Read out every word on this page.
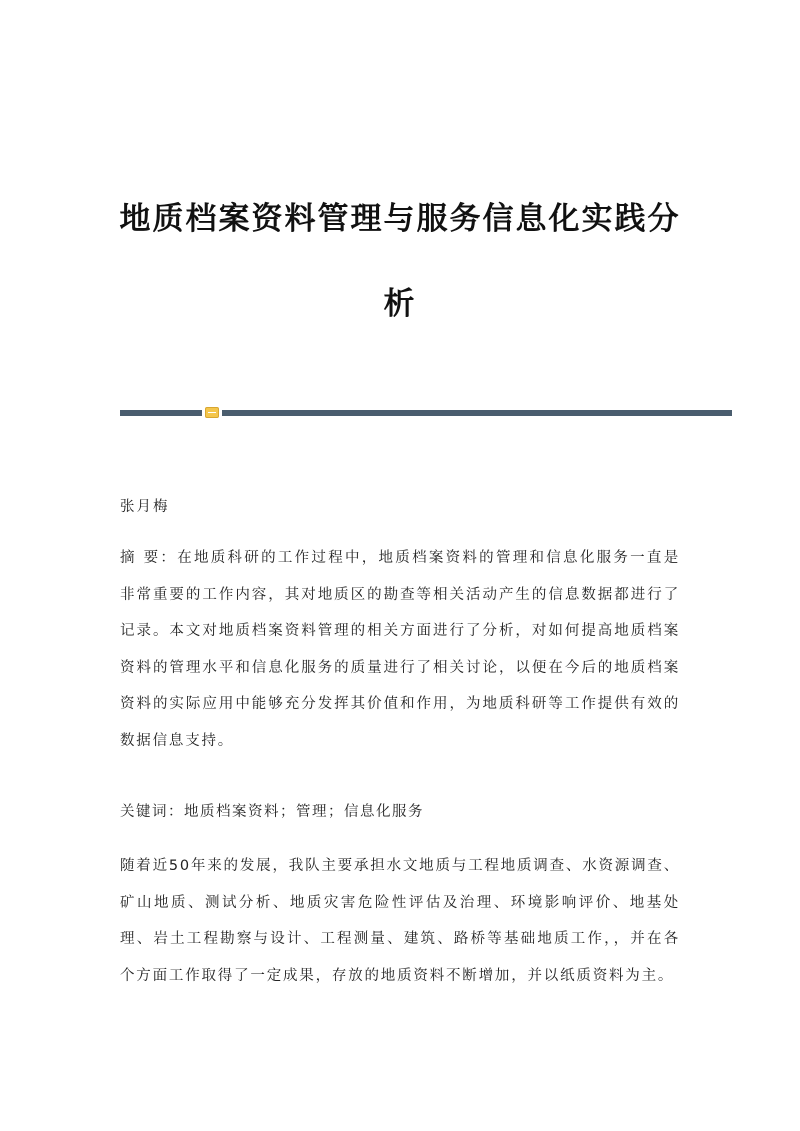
地质档案资料管理与服务信息化实践分
析

张月梅

摘 要：在地质科研的工作过程中，地质档案资料的管理和信息化服务一直是非常重要的工作内容，其对地质区的勘查等相关活动产生的信息数据都进行了记录。本文对地质档案资料管理的相关方面进行了分析，对如何提高地质档案资料的管理水平和信息化服务的质量进行了相关讨论，以便在今后的地质档案资料的实际应用中能够充分发挥其价值和作用，为地质科研等工作提供有效的数据信息支持。

关键词：地质档案资料；管理；信息化服务

随着近50年来的发展，我队主要承担水文地质与工程地质调查、水资源调查、矿山地质、测试分析、地质灾害危险性评估及治理、环境影响评价、地基处理、岩土工程勘察与设计、工程测量、建筑、路桥等基础地质工作，，并在各个方面工作取得了一定成果，存放的地质资料不断增加，并以纸质资料为主。
